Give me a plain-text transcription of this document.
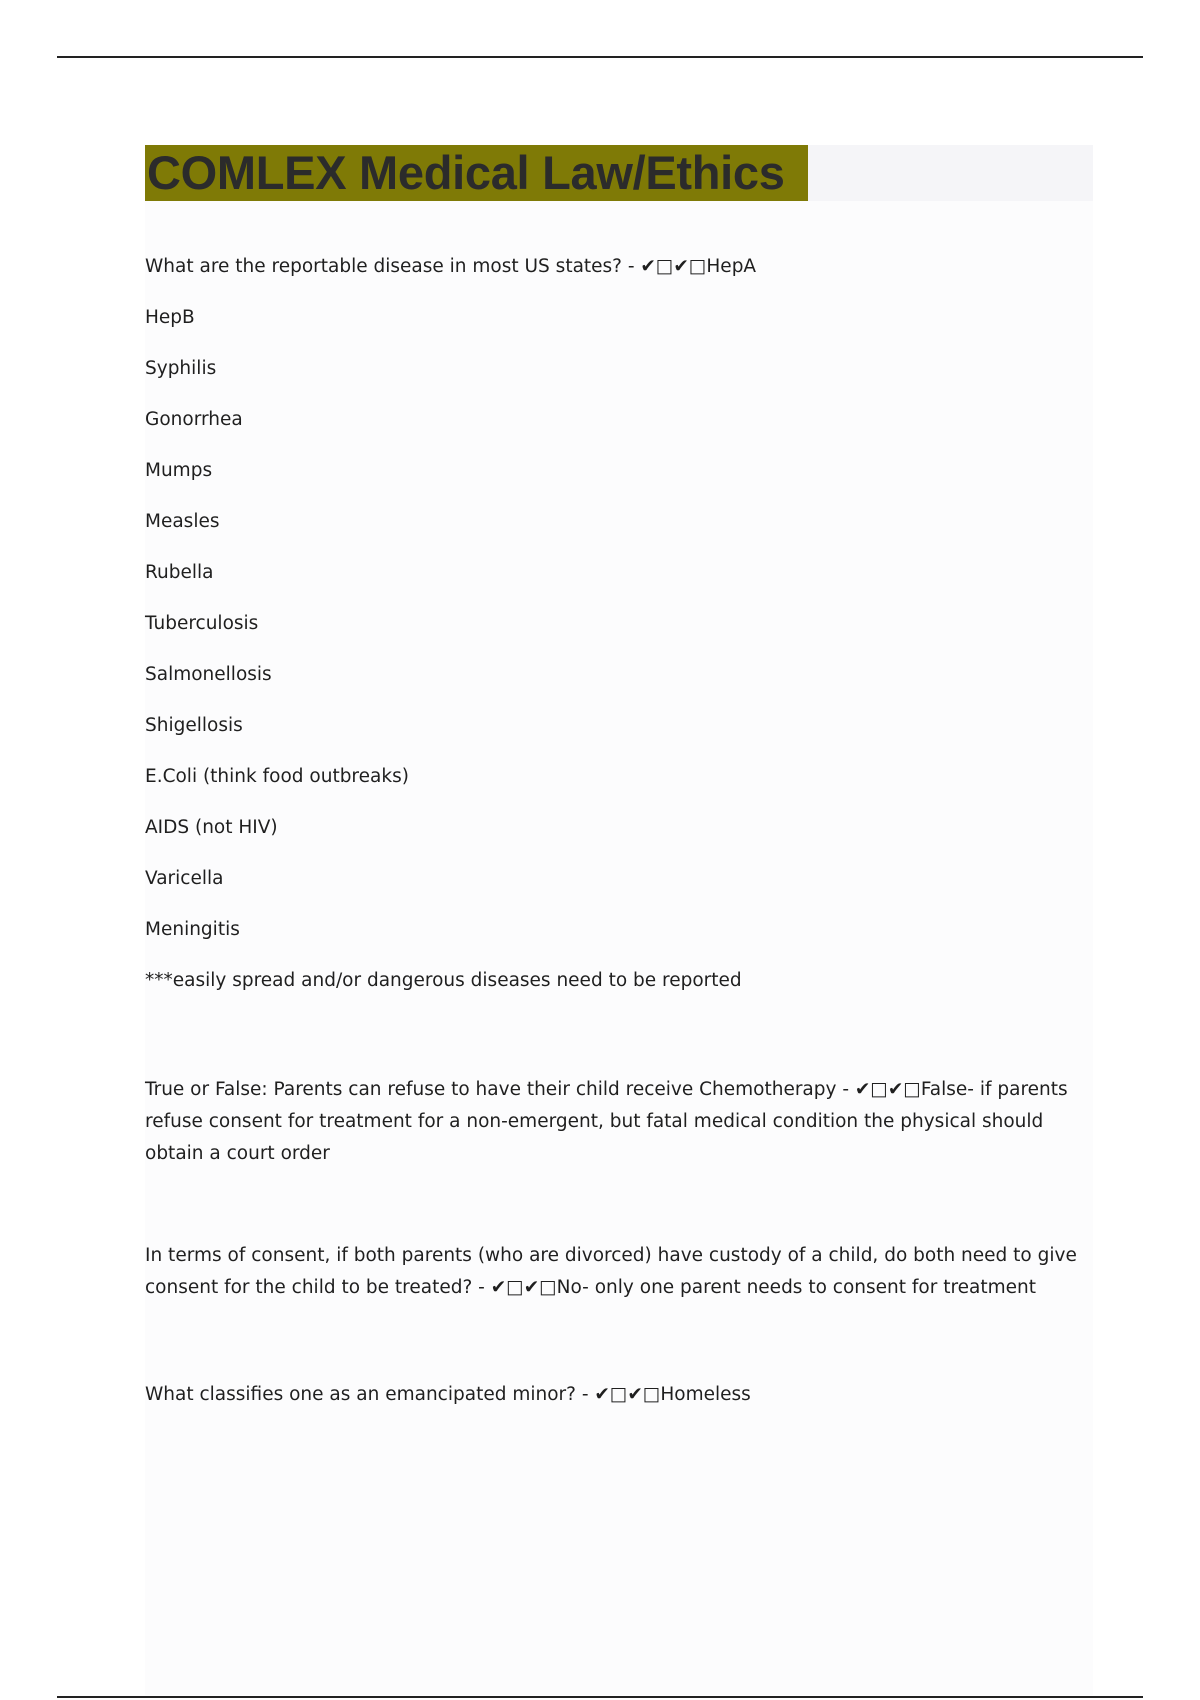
COMLEX Medical Law/Ethics
What are the reportable disease in most US states? - ✔□✔□HepA
HepB
Syphilis
Gonorrhea
Mumps
Measles
Rubella
Tuberculosis
Salmonellosis
Shigellosis
E.Coli (think food outbreaks)
AIDS (not HIV)
Varicella
Meningitis
***easily spread and/or dangerous diseases need to be reported
True or False: Parents can refuse to have their child receive Chemotherapy - ✔□✔□False- if parents refuse consent for treatment for a non-emergent, but fatal medical condition the physical should obtain a court order
In terms of consent, if both parents (who are divorced) have custody of a child, do both need to give consent for the child to be treated? - ✔□✔□No- only one parent needs to consent for treatment
What classifies one as an emancipated minor? - ✔□✔□Homeless
